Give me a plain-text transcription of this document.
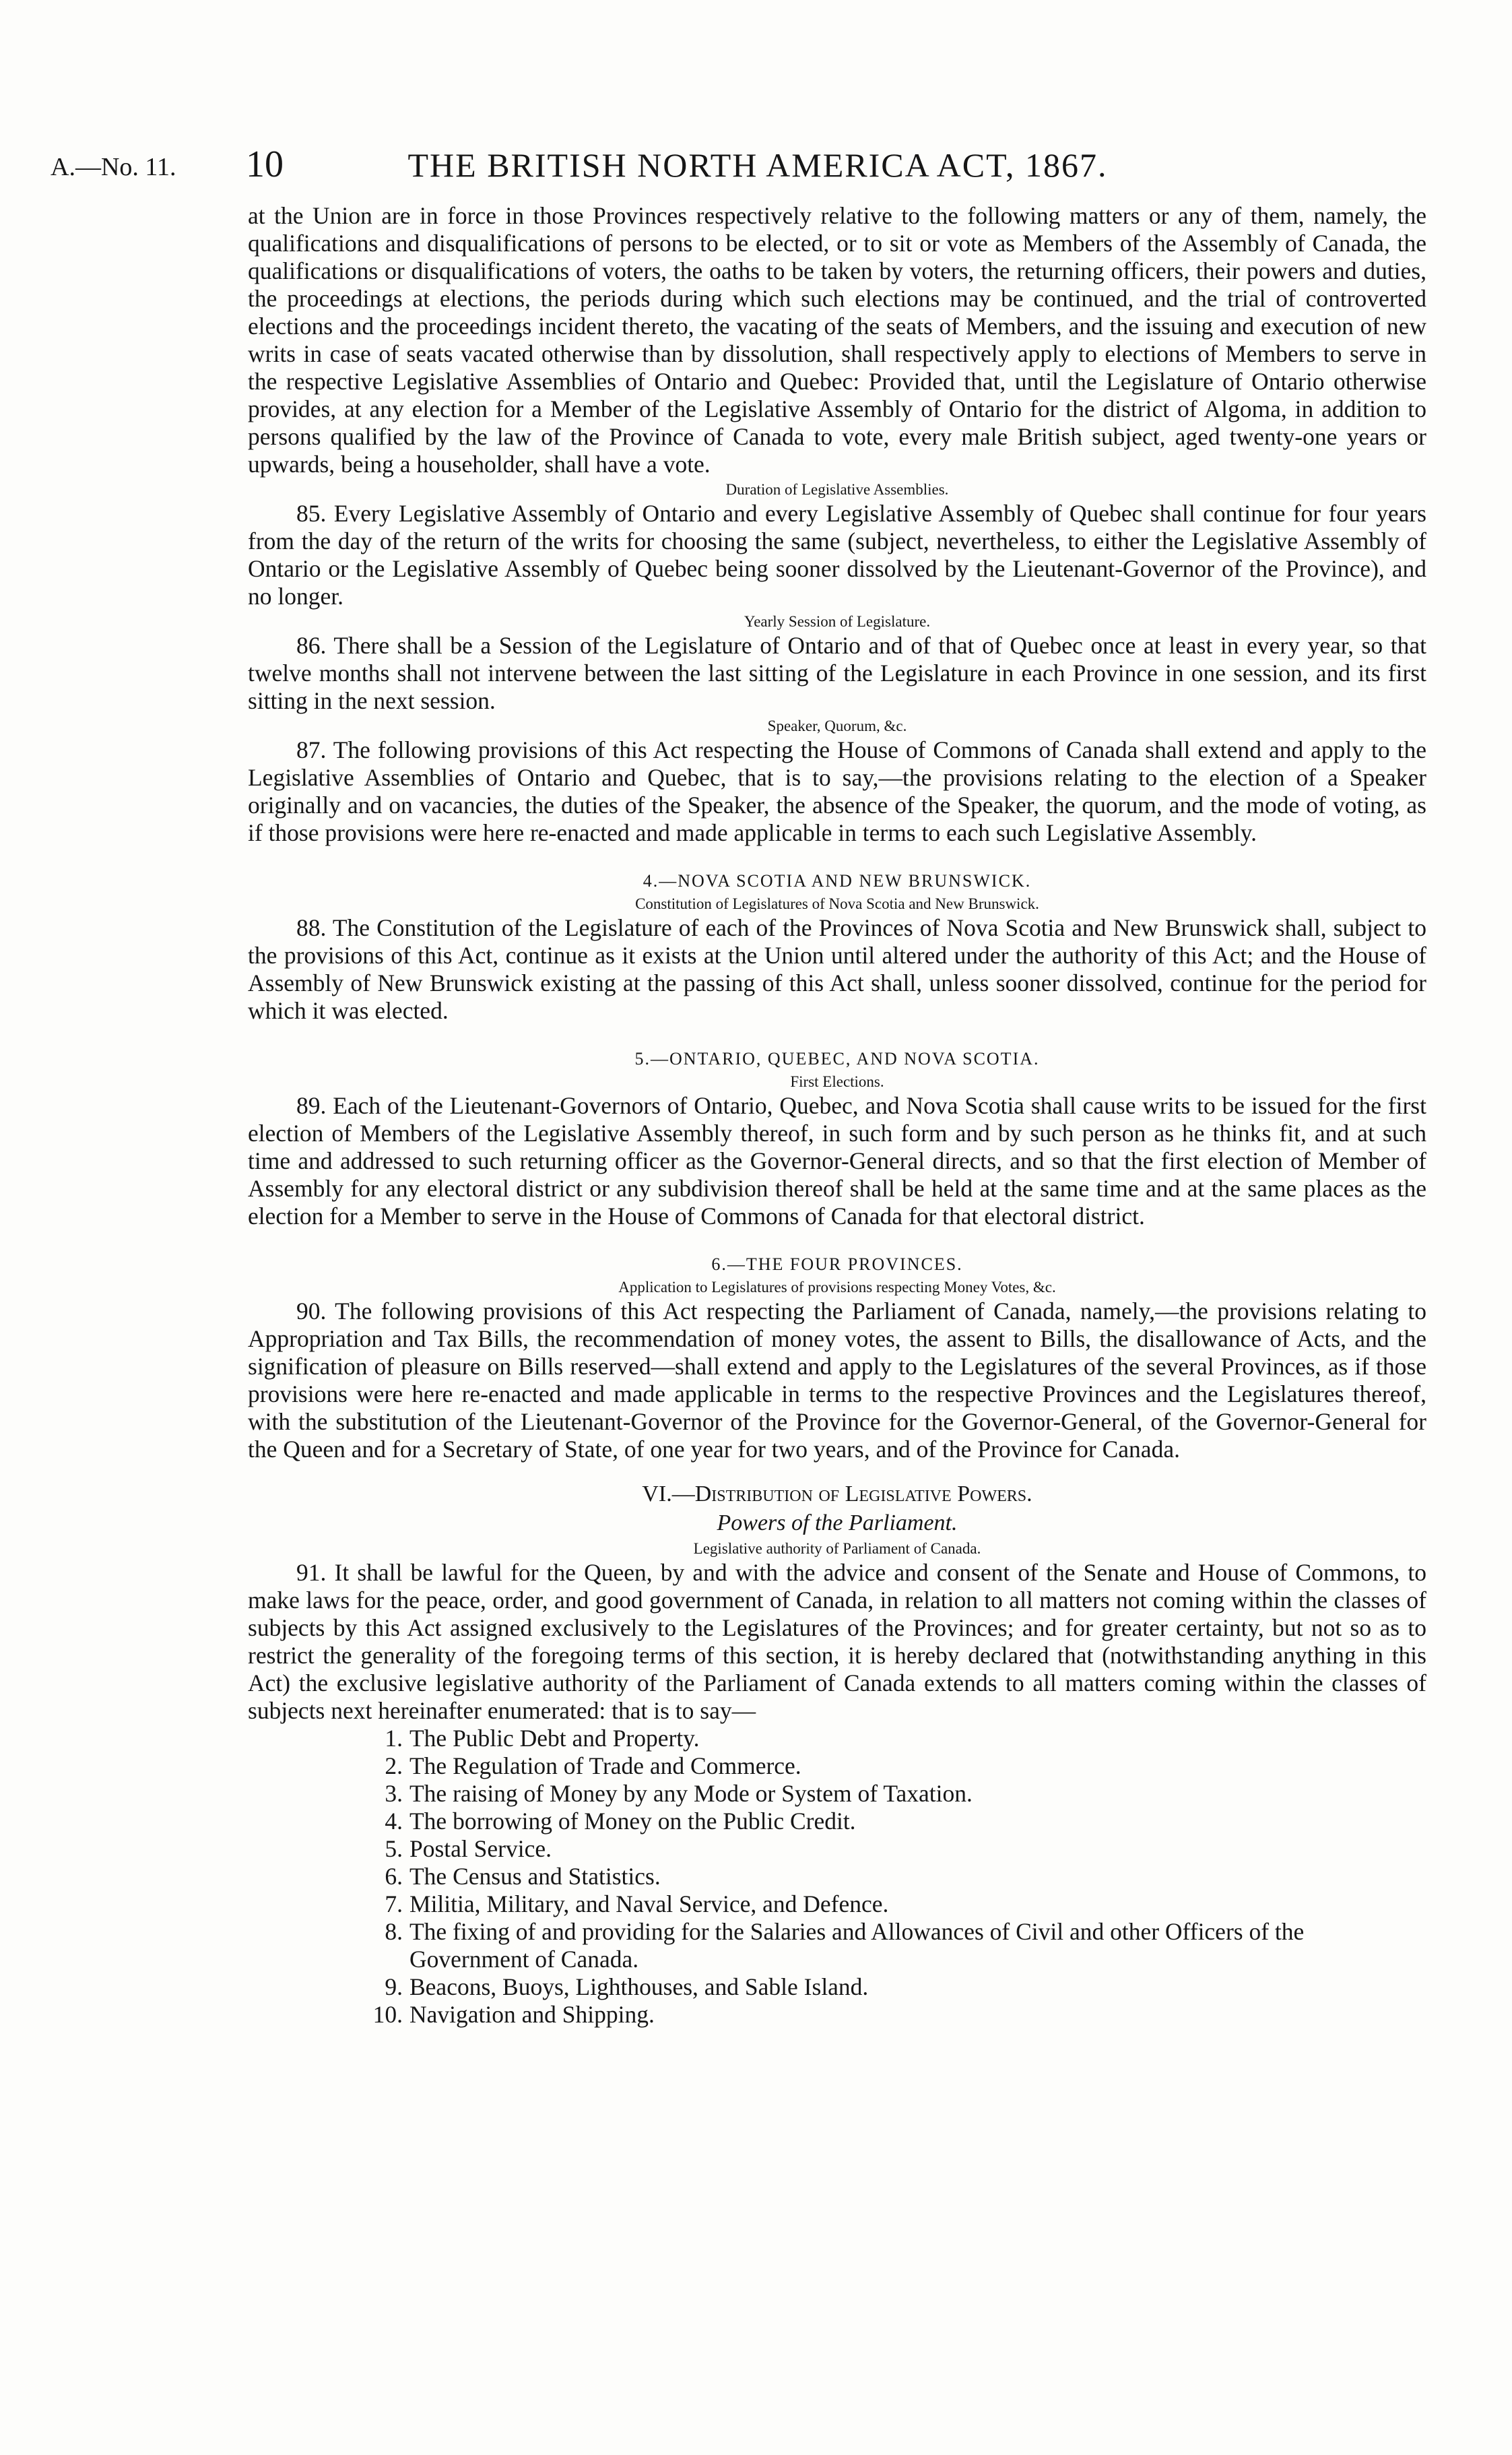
A.—No. 11. 10	THE BRITISH NORTH AMERICA ACT, 1867.

at the Union are in force in those Provinces respectively relative to the following matters or any of them, namely, the qualifications and disqualifications of persons to be elected, or to sit or vote as Members of the Assembly of Canada, the qualifications or disqualifications of voters, the oaths to be taken by voters, the returning officers, their powers and duties, the proceedings at elections, the periods during which such elections may be continued, and the trial of controverted elections and the proceedings incident thereto, the vacating of the seats of Members, and the issuing and execution of new writs in case of seats vacated otherwise than by dissolution, shall respectively apply to elections of Members to serve in the respective Legislative Assemblies of Ontario and Quebec: Provided that, until the Legislature of Ontario otherwise provides, at any election for a Member of the Legislative Assembly of Ontario for the district of Algoma, in addition to persons qualified by the law of the Province of Canada to vote, every male British subject, aged twenty-one years or upwards, being a householder, shall have a vote.

Duration of Legislative Assemblies.

85. Every Legislative Assembly of Ontario and every Legislative Assembly of Quebec shall continue for four years from the day of the return of the writs for choosing the same (subject, nevertheless, to either the Legislative Assembly of Ontario or the Legislative Assembly of Quebec being sooner dissolved by the Lieutenant-Governor of the Province), and no longer.

Yearly Session of Legislature.

86. There shall be a Session of the Legislature of Ontario and of that of Quebec once at least in every year, so that twelve months shall not intervene between the last sitting of the Legislature in each Province in one session, and its first sitting in the next session.

Speaker, Quorum, &c.

87. The following provisions of this Act respecting the House of Commons of Canada shall extend and apply to the Legislative Assemblies of Ontario and Quebec, that is to say,—the provisions relating to the election of a Speaker originally and on vacancies, the duties of the Speaker, the absence of the Speaker, the quorum, and the mode of voting, as if those provisions were here re-enacted and made applicable in terms to each such Legislative Assembly.

4.—NOVA SCOTIA AND NEW BRUNSWICK.
Constitution of Legislatures of Nova Scotia and New Brunswick.

88. The Constitution of the Legislature of each of the Provinces of Nova Scotia and New Brunswick shall, subject to the provisions of this Act, continue as it exists at the Union until altered under the authority of this Act; and the House of Assembly of New Brunswick existing at the passing of this Act shall, unless sooner dissolved, continue for the period for which it was elected.

5.—ONTARIO, QUEBEC, AND NOVA SCOTIA.
First Elections.

89. Each of the Lieutenant-Governors of Ontario, Quebec, and Nova Scotia shall cause writs to be issued for the first election of Members of the Legislative Assembly thereof, in such form and by such person as he thinks fit, and at such time and addressed to such returning officer as the Governor-General directs, and so that the first election of Member of Assembly for any electoral district or any subdivision thereof shall be held at the same time and at the same places as the election for a Member to serve in the House of Commons of Canada for that electoral district.

6.—THE FOUR PROVINCES.
Application to Legislatures of provisions respecting Money Votes, &c.

90. The following provisions of this Act respecting the Parliament of Canada, namely,—the provisions relating to Appropriation and Tax Bills, the recommendation of money votes, the assent to Bills, the disallowance of Acts, and the signification of pleasure on Bills reserved—shall extend and apply to the Legislatures of the several Provinces, as if those provisions were here re-enacted and made applicable in terms to the respective Provinces and the Legislatures thereof, with the substitution of the Lieutenant-Governor of the Province for the Governor-General, of the Governor-General for the Queen and for a Secretary of State, of one year for two years, and of the Province for Canada.

VI.—Distribution of Legislative Powers.
Powers of the Parliament.
Legislative authority of Parliament of Canada.

91. It shall be lawful for the Queen, by and with the advice and consent of the Senate and House of Commons, to make laws for the peace, order, and good government of Canada, in relation to all matters not coming within the classes of subjects by this Act assigned exclusively to the Legislatures of the Provinces; and for greater certainty, but not so as to restrict the generality of the foregoing terms of this section, it is hereby declared that (notwithstanding anything in this Act) the exclusive legislative authority of the Parliament of Canada extends to all matters coming within the classes of subjects next hereinafter enumerated: that is to say—

1. The Public Debt and Property.
2. The Regulation of Trade and Commerce.
3. The raising of Money by any Mode or System of Taxation.
4. The borrowing of Money on the Public Credit.
5. Postal Service.
6. The Census and Statistics.
7. Militia, Military, and Naval Service, and Defence.
8. The fixing of and providing for the Salaries and Allowances of Civil and other Officers of the Government of Canada.
9. Beacons, Buoys, Lighthouses, and Sable Island.
10. Navigation and Shipping.
